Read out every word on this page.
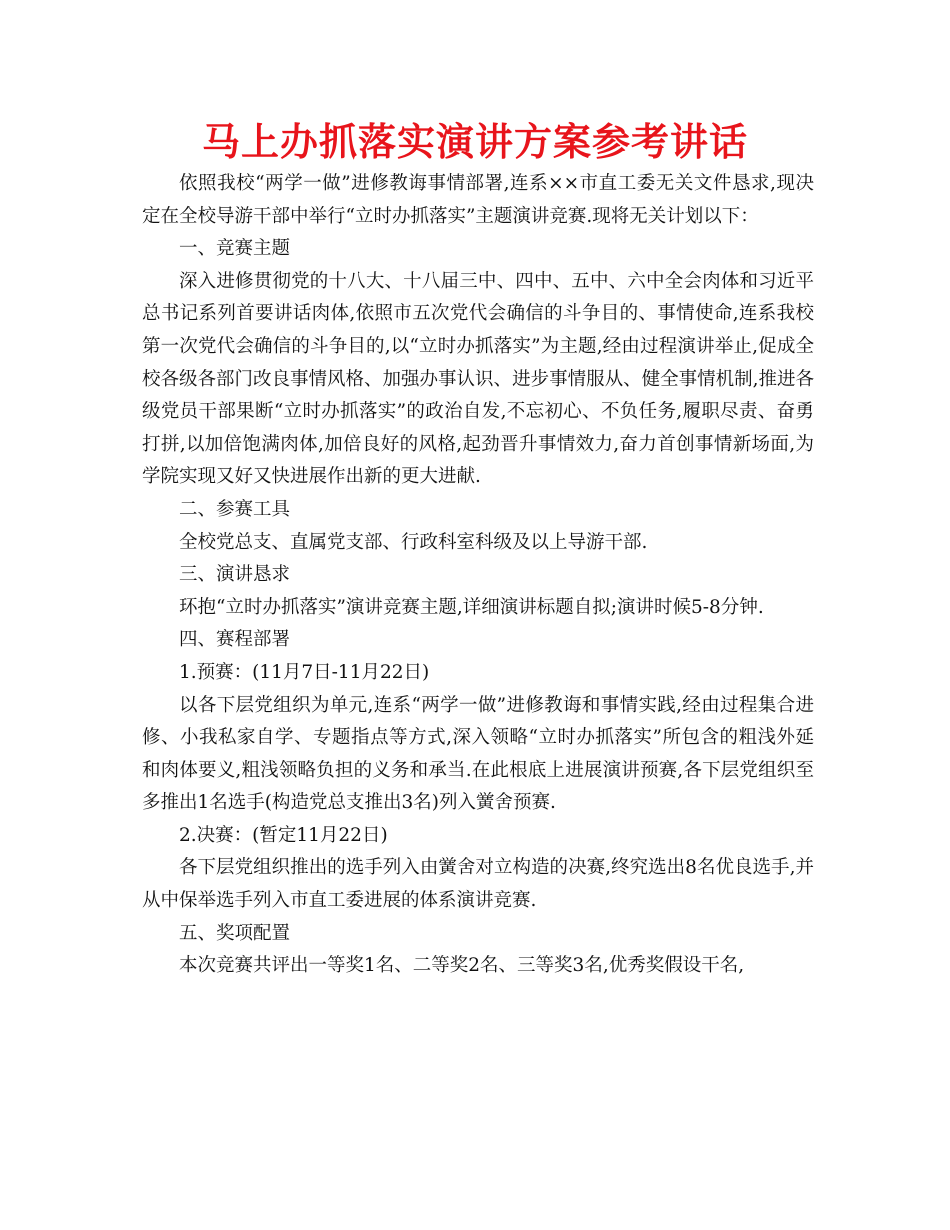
马上办抓落实演讲方案参考讲话

依照我校“两学一做”进修教诲事情部署,连系××市直工委无关文件恳求,现决定在全校导游干部中举行“立时办抓落实”主题演讲竞赛.现将无关计划以下：

一、竞赛主题

深入进修贯彻党的十八大、十八届三中、四中、五中、六中全会肉体和习近平总书记系列首要讲话肉体,依照市五次党代会确信的斗争目的、事情使命,连系我校第一次党代会确信的斗争目的,以“立时办抓落实”为主题,经由过程演讲举止,促成全校各级各部门改良事情风格、加强办事认识、进步事情服从、健全事情机制,推进各级党员干部果断“立时办抓落实”的政治自发,不忘初心、不负任务,履职尽责、奋勇打拼,以加倍饱满肉体,加倍良好的风格,起劲晋升事情效力,奋力首创事情新场面,为学院实现又好又快进展作出新的更大进献.

二、参赛工具

全校党总支、直属党支部、行政科室科级及以上导游干部.

三、演讲恳求

环抱“立时办抓落实”演讲竞赛主题,详细演讲标题自拟;演讲时候5-8分钟.

四、赛程部署

1.预赛：(11月7日-11月22日)

以各下层党组织为单元,连系“两学一做”进修教诲和事情实践,经由过程集合进修、小我私家自学、专题指点等方式,深入领略“立时办抓落实”所包含的粗浅外延和肉体要义,粗浅领略负担的义务和承当.在此根底上进展演讲预赛,各下层党组织至多推出1名选手(构造党总支推出3名)列入黉舍预赛.

2.决赛：(暂定11月22日)

各下层党组织推出的选手列入由黉舍对立构造的决赛,终究选出8名优良选手,并从中保举选手列入市直工委进展的体系演讲竞赛.

五、奖项配置

本次竞赛共评出一等奖1名、二等奖2名、三等奖3名,优秀奖假设干名,
